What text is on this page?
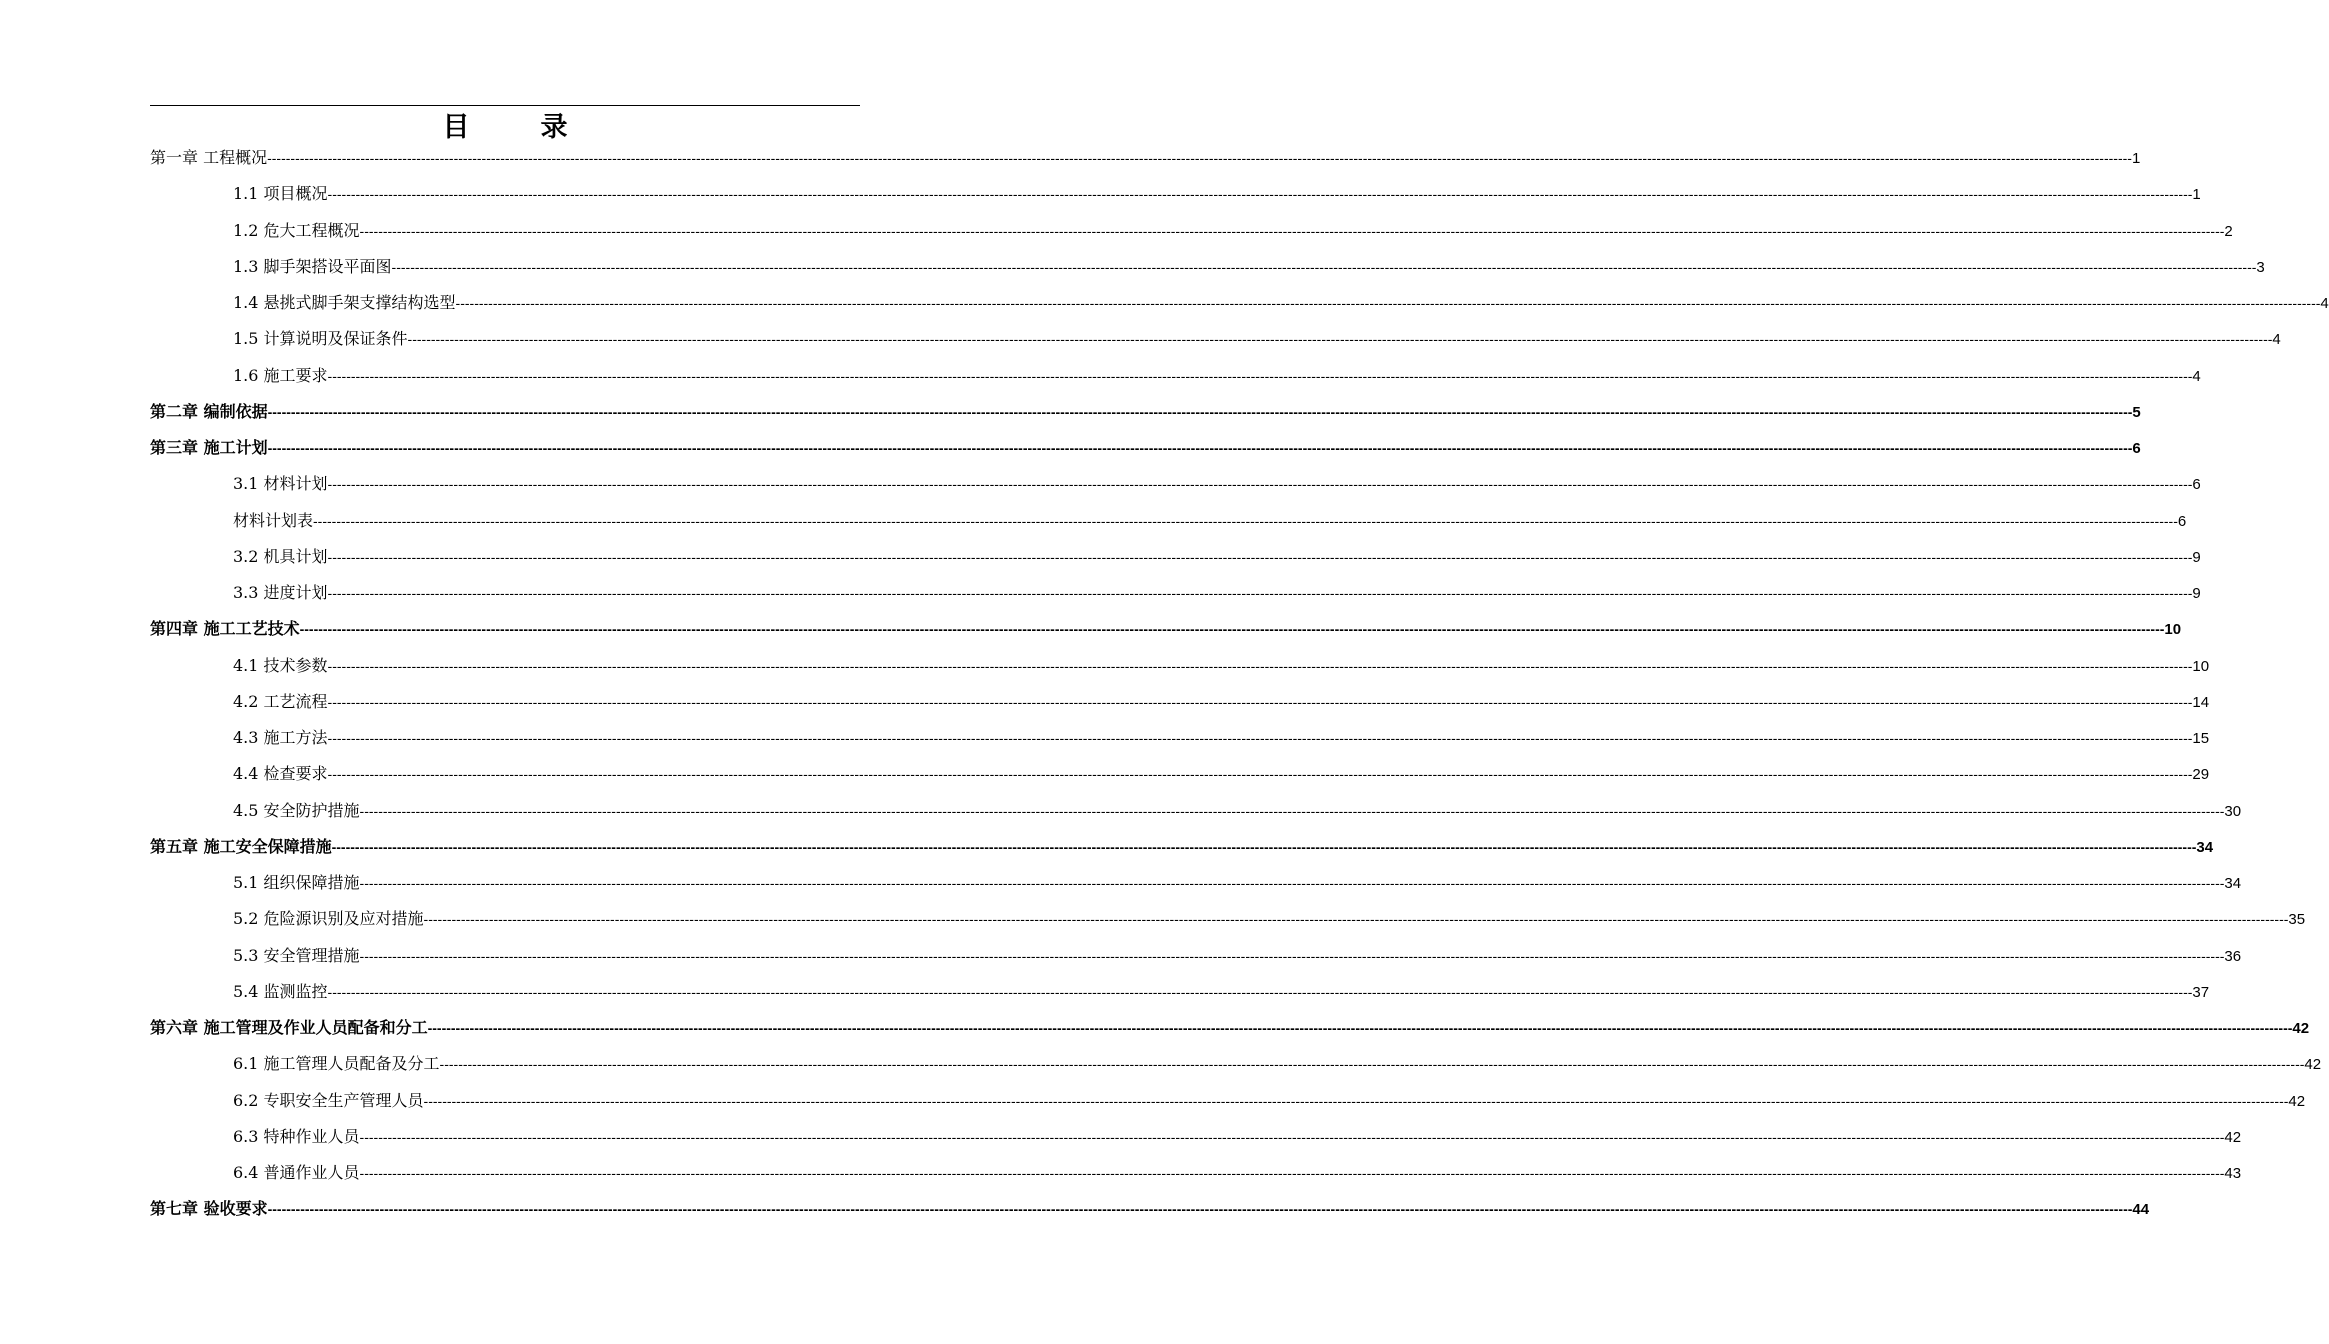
目　录
第一章 工程概况 ---------------------------------------------------------------------------------------------------------------------------------------------------------------------------------------------------------------------------------------------------------------------------------------------------------------------------------------------------------------------------------------------------------------- 1
1.1 项目概况 ---------------------------------------------------------------------------------------------------------------------------------------------------------------------------------------------------------------------------------------------------------------------------------------------------------------------------------------------------------------------------------------------------------------- 1
1.2 危大工程概况 ---------------------------------------------------------------------------------------------------------------------------------------------------------------------------------------------------------------------------------------------------------------------------------------------------------------------------------------------------------------------------------------------------------------- 2
1.3 脚手架搭设平面图 ---------------------------------------------------------------------------------------------------------------------------------------------------------------------------------------------------------------------------------------------------------------------------------------------------------------------------------------------------------------------------------------------------------------- 3
1.4 悬挑式脚手架支撑结构选型 ---------------------------------------------------------------------------------------------------------------------------------------------------------------------------------------------------------------------------------------------------------------------------------------------------------------------------------------------------------------------------------------------------------------- 4
1.5 计算说明及保证条件 ---------------------------------------------------------------------------------------------------------------------------------------------------------------------------------------------------------------------------------------------------------------------------------------------------------------------------------------------------------------------------------------------------------------- 4
1.6 施工要求 ---------------------------------------------------------------------------------------------------------------------------------------------------------------------------------------------------------------------------------------------------------------------------------------------------------------------------------------------------------------------------------------------------------------- 4
第二章 编制依据 ---------------------------------------------------------------------------------------------------------------------------------------------------------------------------------------------------------------------------------------------------------------------------------------------------------------------------------------------------------------------------------------------------------------- 5
第三章 施工计划 ---------------------------------------------------------------------------------------------------------------------------------------------------------------------------------------------------------------------------------------------------------------------------------------------------------------------------------------------------------------------------------------------------------------- 6
3.1 材料计划 ---------------------------------------------------------------------------------------------------------------------------------------------------------------------------------------------------------------------------------------------------------------------------------------------------------------------------------------------------------------------------------------------------------------- 6
材料计划表 ---------------------------------------------------------------------------------------------------------------------------------------------------------------------------------------------------------------------------------------------------------------------------------------------------------------------------------------------------------------------------------------------------------------- 6
3.2 机具计划 ---------------------------------------------------------------------------------------------------------------------------------------------------------------------------------------------------------------------------------------------------------------------------------------------------------------------------------------------------------------------------------------------------------------- 9
3.3 进度计划 ---------------------------------------------------------------------------------------------------------------------------------------------------------------------------------------------------------------------------------------------------------------------------------------------------------------------------------------------------------------------------------------------------------------- 9
第四章 施工工艺技术 ---------------------------------------------------------------------------------------------------------------------------------------------------------------------------------------------------------------------------------------------------------------------------------------------------------------------------------------------------------------------------------------------------------------- 10
4.1 技术参数 ---------------------------------------------------------------------------------------------------------------------------------------------------------------------------------------------------------------------------------------------------------------------------------------------------------------------------------------------------------------------------------------------------------------- 10
4.2 工艺流程 ---------------------------------------------------------------------------------------------------------------------------------------------------------------------------------------------------------------------------------------------------------------------------------------------------------------------------------------------------------------------------------------------------------------- 14
4.3 施工方法 ---------------------------------------------------------------------------------------------------------------------------------------------------------------------------------------------------------------------------------------------------------------------------------------------------------------------------------------------------------------------------------------------------------------- 15
4.4 检查要求 ---------------------------------------------------------------------------------------------------------------------------------------------------------------------------------------------------------------------------------------------------------------------------------------------------------------------------------------------------------------------------------------------------------------- 29
4.5 安全防护措施 ---------------------------------------------------------------------------------------------------------------------------------------------------------------------------------------------------------------------------------------------------------------------------------------------------------------------------------------------------------------------------------------------------------------- 30
第五章 施工安全保障措施 ---------------------------------------------------------------------------------------------------------------------------------------------------------------------------------------------------------------------------------------------------------------------------------------------------------------------------------------------------------------------------------------------------------------- 34
5.1 组织保障措施 ---------------------------------------------------------------------------------------------------------------------------------------------------------------------------------------------------------------------------------------------------------------------------------------------------------------------------------------------------------------------------------------------------------------- 34
5.2 危险源识别及应对措施 ---------------------------------------------------------------------------------------------------------------------------------------------------------------------------------------------------------------------------------------------------------------------------------------------------------------------------------------------------------------------------------------------------------------- 35
5.3 安全管理措施 ---------------------------------------------------------------------------------------------------------------------------------------------------------------------------------------------------------------------------------------------------------------------------------------------------------------------------------------------------------------------------------------------------------------- 36
5.4 监测监控 ---------------------------------------------------------------------------------------------------------------------------------------------------------------------------------------------------------------------------------------------------------------------------------------------------------------------------------------------------------------------------------------------------------------- 37
第六章 施工管理及作业人员配备和分工 ---------------------------------------------------------------------------------------------------------------------------------------------------------------------------------------------------------------------------------------------------------------------------------------------------------------------------------------------------------------------------------------------------------------- 42
6.1 施工管理人员配备及分工 ---------------------------------------------------------------------------------------------------------------------------------------------------------------------------------------------------------------------------------------------------------------------------------------------------------------------------------------------------------------------------------------------------------------- 42
6.2 专职安全生产管理人员 ---------------------------------------------------------------------------------------------------------------------------------------------------------------------------------------------------------------------------------------------------------------------------------------------------------------------------------------------------------------------------------------------------------------- 42
6.3 特种作业人员 ---------------------------------------------------------------------------------------------------------------------------------------------------------------------------------------------------------------------------------------------------------------------------------------------------------------------------------------------------------------------------------------------------------------- 42
6.4 普通作业人员 ---------------------------------------------------------------------------------------------------------------------------------------------------------------------------------------------------------------------------------------------------------------------------------------------------------------------------------------------------------------------------------------------------------------- 43
第七章 验收要求 ---------------------------------------------------------------------------------------------------------------------------------------------------------------------------------------------------------------------------------------------------------------------------------------------------------------------------------------------------------------------------------------------------------------- 44
